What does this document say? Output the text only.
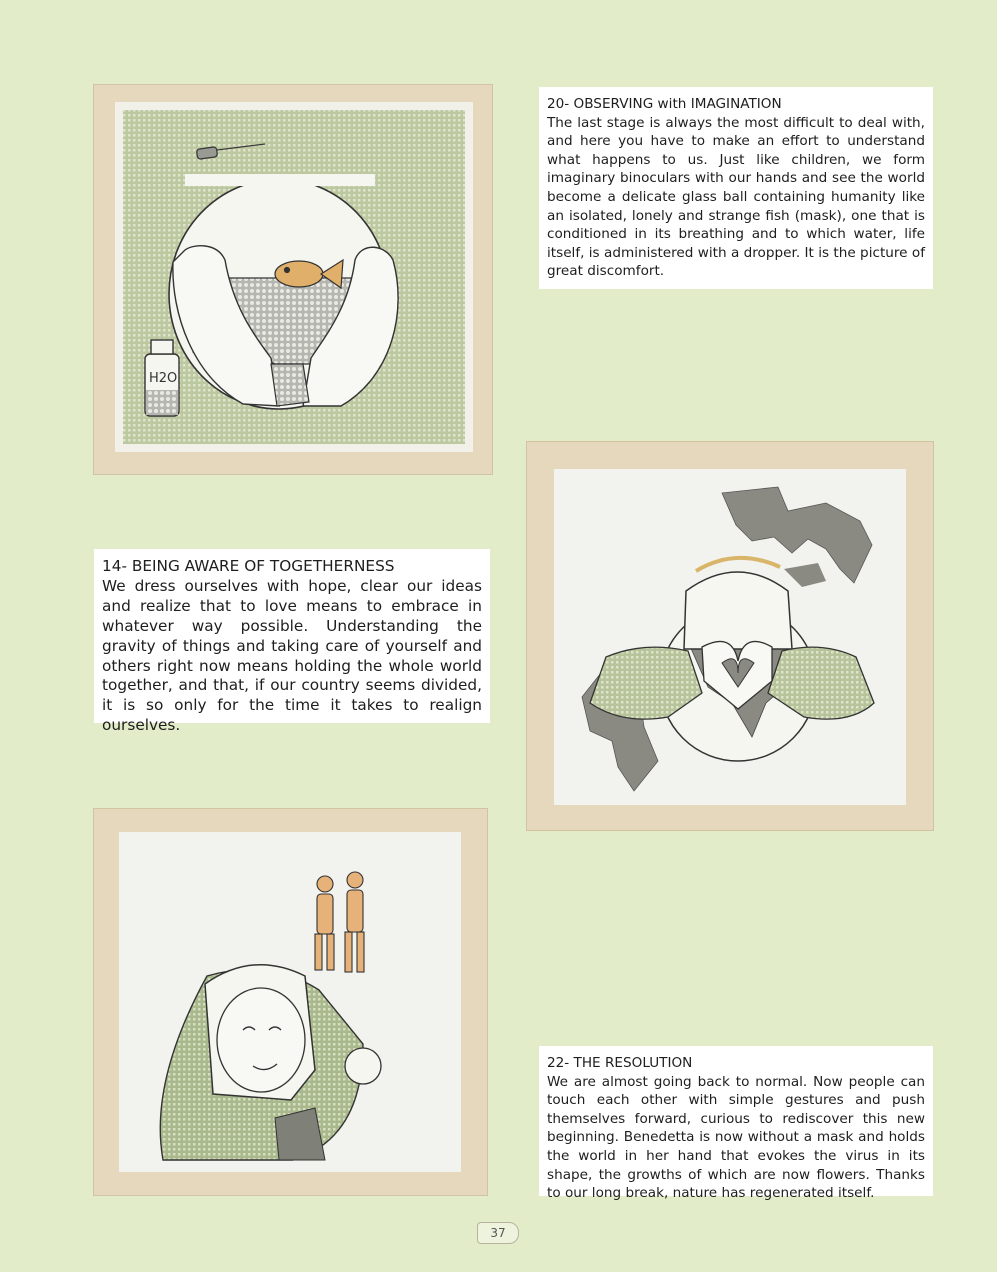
H2O
20- OBSERVING with IMAGINATION
The last stage is always the most difficult to deal with, and here you have to make an effort to understand what happens to us. Just like children, we form imaginary binoculars with our hands and see the world become a delicate glass ball containing humanity like an isolated, lonely and strange fish (mask), one that is conditioned in its breathing and to which water, life itself, is administered with a dropper. It is the picture of great discomfort.
14- BEING AWARE OF TOGETHERNESS
We dress ourselves with hope, clear our ideas and realize that to love means to embrace in whatever way possible. Understanding the gravity of things and taking care of yourself and others right now means holding the whole world together, and that, if our country seems divided, it is so only for the time it takes to realign ourselves.
22- THE RESOLUTION
We are almost going back to normal. Now people can touch each other with simple gestures and push themselves forward, curious to rediscover this new beginning. Benedetta is now without a mask and holds the world in her hand that evokes the virus in its shape, the growths of which are now flowers. Thanks to our long break, nature has regenerated itself.
37
